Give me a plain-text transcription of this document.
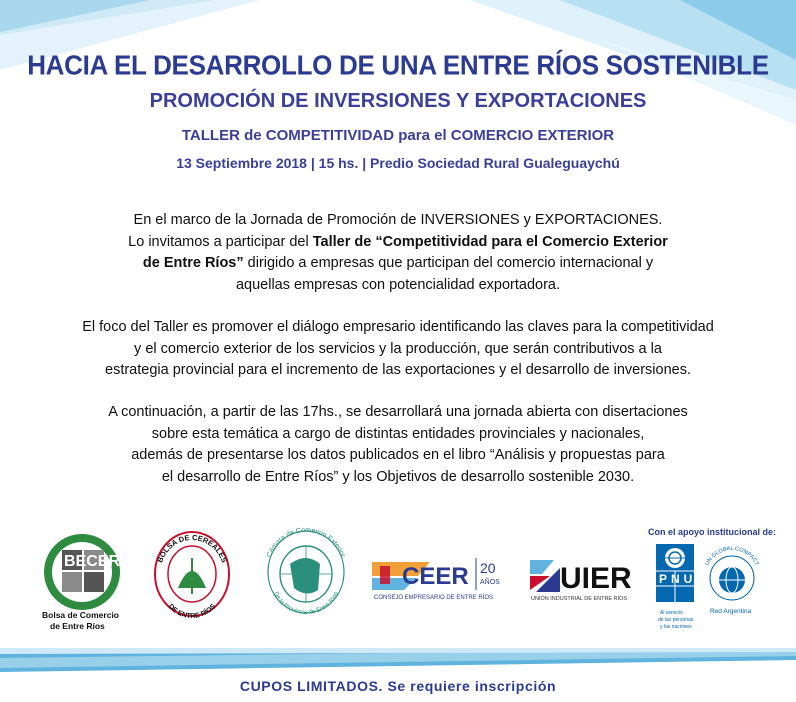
HACIA EL DESARROLLO DE UNA ENTRE RÍOS SOSTENIBLE
PROMOCIÓN DE INVERSIONES Y EXPORTACIONES
TALLER de COMPETITIVIDAD para el COMERCIO EXTERIOR
13 Septiembre 2018 | 15 hs. | Predio Sociedad Rural Gualeguaychú

En el marco de la Jornada de Promoción de INVERSIONES y EXPORTACIONES.

Lo invitamos a participar del Taller de “Competitividad para el Comercio Exterior

de Entre Ríos” dirigido a empresas que participan del comercio internacional y

aquellas empresas con potencialidad exportadora.

El foco del Taller es promover el diálogo empresario identificando las claves para la competitividad

y el comercio exterior de los servicios y la producción, que serán contributivos a la

estrategia provincial para el incremento de las exportaciones y el desarrollo de inversiones.

A continuación, a partir de las 17hs., se desarrollará una jornada abierta con disertaciones

sobre esta temática a cargo de distintas entidades provinciales y nacionales,

además de presentarse los datos publicados en el libro “Análisis y propuestas para

el desarrollo de Entre Ríos” y los Objetivos de desarrollo sostenible 2030.

BECER
Bolsa de Comercio
de Entre Ríos
BOLSA DE CEREALES
DE ENTRE RÍOS
Cámara de Comercio Exterior
De la Provincia de Entre Ríos
CEER 20
AÑOS
CONSEJO EMPRESARIO DE ENTRE RÍOS
UIER
UNIÓN INDUSTRIAL DE ENTRE RÍOS
Con el apoyo institucional de:
PNUD
Al servicio
de las personas
y las naciones
UN GLOBAL COMPACT
Red Argentina
CUPOS LIMITADOS. Se requiere inscripción
